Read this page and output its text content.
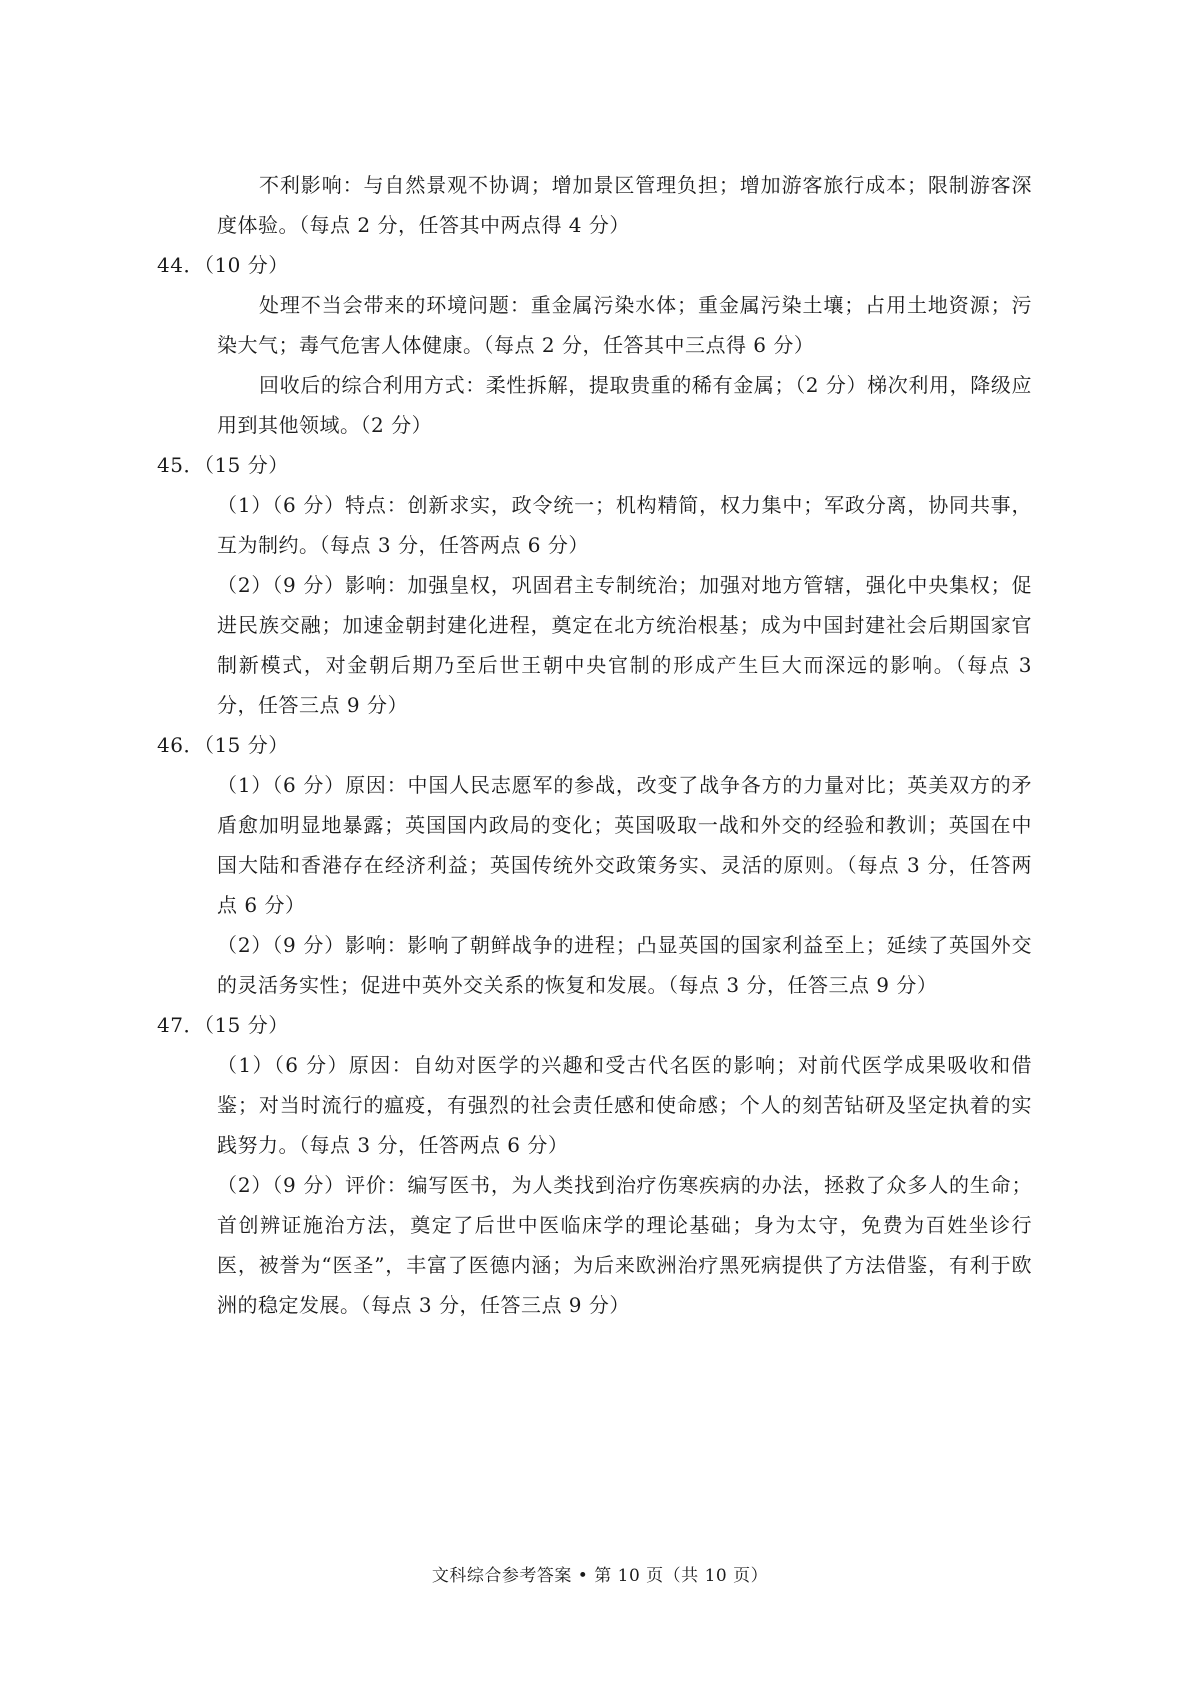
不利影响：与自然景观不协调；增加景区管理负担；增加游客旅行成本；限制游客深度体验。（每点 2 分，任答其中两点得 4 分）
44．（10 分）
处理不当会带来的环境问题：重金属污染水体；重金属污染土壤；占用土地资源；污染大气；毒气危害人体健康。（每点 2 分，任答其中三点得 6 分）
回收后的综合利用方式：柔性拆解，提取贵重的稀有金属；（2 分）梯次利用，降级应用到其他领域。（2 分）
45．（15 分）
（1）（6 分）特点：创新求实，政令统一；机构精简，权力集中；军政分离，协同共事，互为制约。（每点 3 分，任答两点 6 分）
（2）（9 分）影响：加强皇权，巩固君主专制统治；加强对地方管辖，强化中央集权；促进民族交融；加速金朝封建化进程，奠定在北方统治根基；成为中国封建社会后期国家官制新模式，对金朝后期乃至后世王朝中央官制的形成产生巨大而深远的影响。（每点 3 分，任答三点 9 分）
46．（15 分）
（1）（6 分）原因：中国人民志愿军的参战，改变了战争各方的力量对比；英美双方的矛盾愈加明显地暴露；英国国内政局的变化；英国吸取一战和外交的经验和教训；英国在中国大陆和香港存在经济利益；英国传统外交政策务实、灵活的原则。（每点 3 分，任答两点 6 分）
（2）（9 分）影响：影响了朝鲜战争的进程；凸显英国的国家利益至上；延续了英国外交的灵活务实性；促进中英外交关系的恢复和发展。（每点 3 分，任答三点 9 分）
47．（15 分）
（1）（6 分）原因：自幼对医学的兴趣和受古代名医的影响；对前代医学成果吸收和借鉴；对当时流行的瘟疫，有强烈的社会责任感和使命感；个人的刻苦钻研及坚定执着的实践努力。（每点 3 分，任答两点 6 分）
（2）（9 分）评价：编写医书，为人类找到治疗伤寒疾病的办法，拯救了众多人的生命；首创辨证施治方法，奠定了后世中医临床学的理论基础；身为太守，免费为百姓坐诊行医，被誉为“医圣”，丰富了医德内涵；为后来欧洲治疗黑死病提供了方法借鉴，有利于欧洲的稳定发展。（每点 3 分，任答三点 9 分）
文科综合参考答案 • 第 10 页（共 10 页）
